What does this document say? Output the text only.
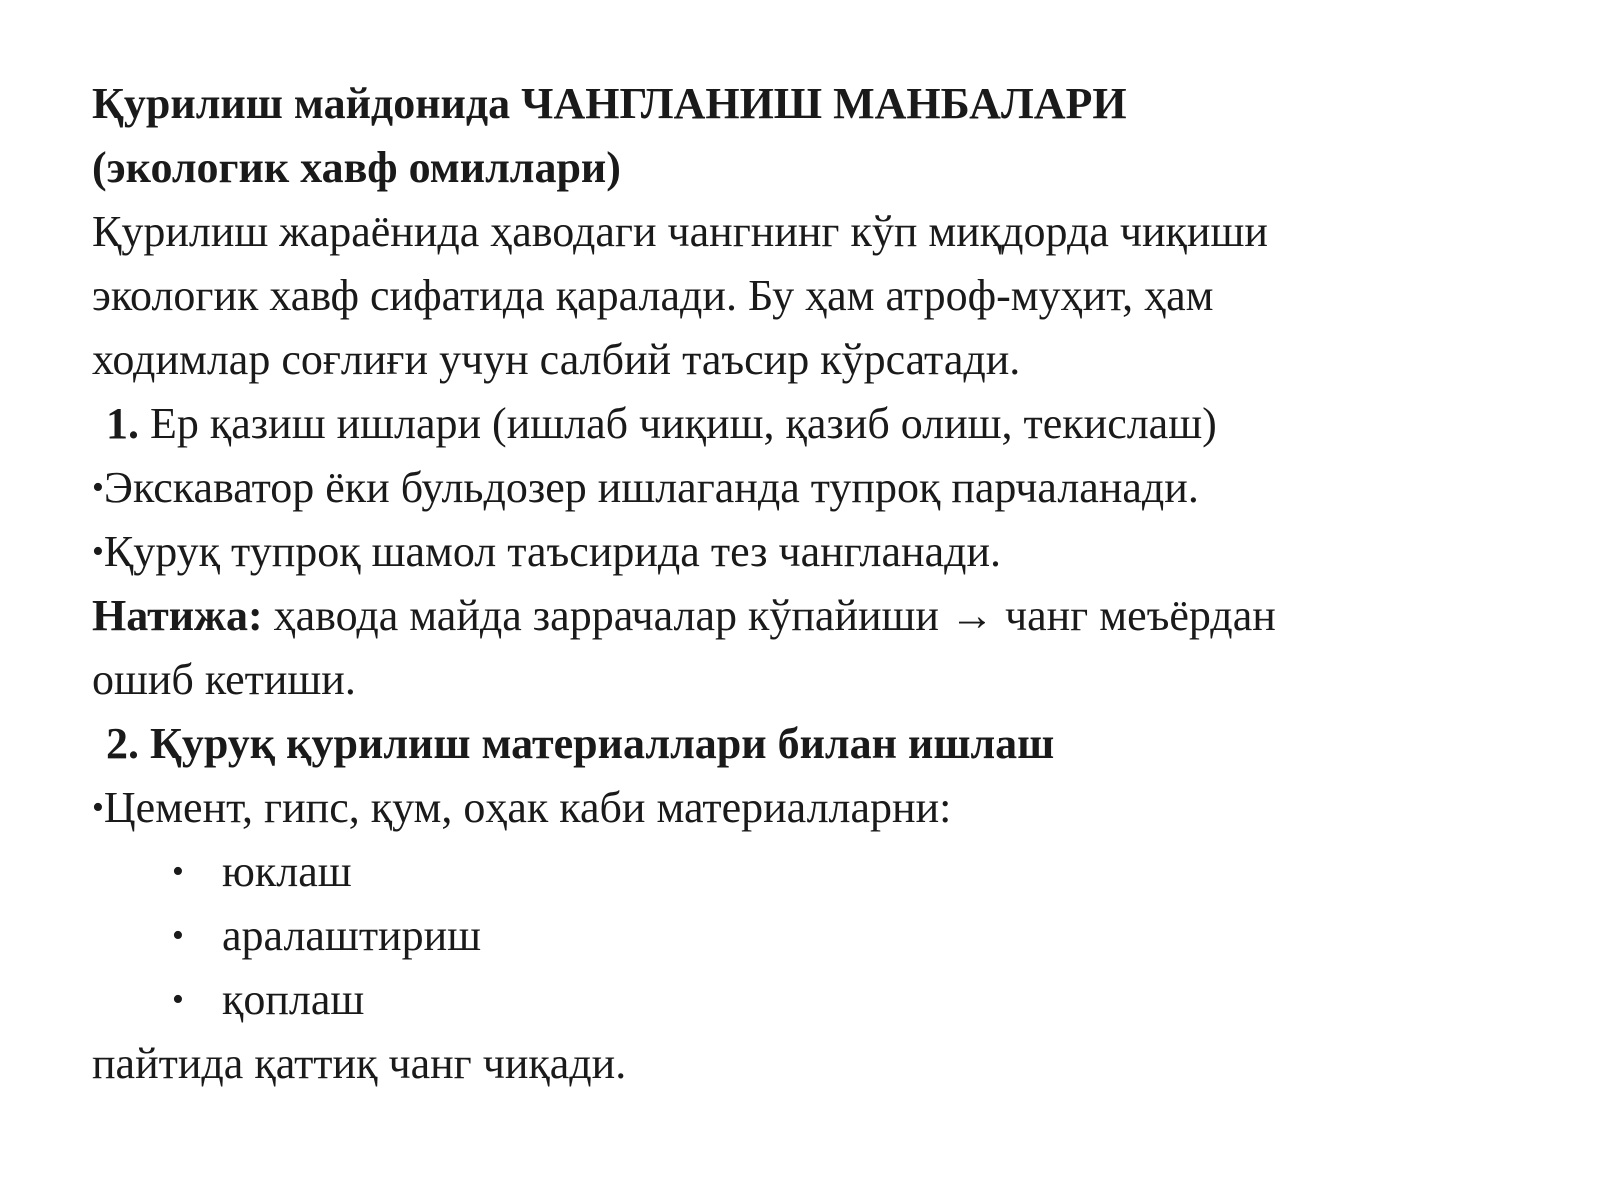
Қурилиш майдонида ЧАНГЛАНИШ МАНБАЛАРИ
(экологик хавф омиллари)
Қурилиш жараёнида ҳаводаги чангнинг кўп миқдорда чиқиши
экологик хавф сифатида қаралади. Бу ҳам атроф-муҳит, ҳам
ходимлар соғлиғи учун салбий таъсир кўрсатади.
1. Ер қазиш ишлари (ишлаб чиқиш, қазиб олиш, текислаш)
•Экскаватор ёки бульдозер ишлаганда тупроқ парчаланади.
•Қуруқ тупроқ шамол таъсирида тез чангланади.
Натижа: ҳавода майда заррачалар кўпайиши → чанг меъёрдан
ошиб кетиши.
2. Қуруқ қурилиш материаллари билан ишлаш
•Цемент, гипс, қум, оҳак каби материалларни:
• юклаш
• аралаштириш
• қоплаш
пайтида қаттиқ чанг чиқади.
